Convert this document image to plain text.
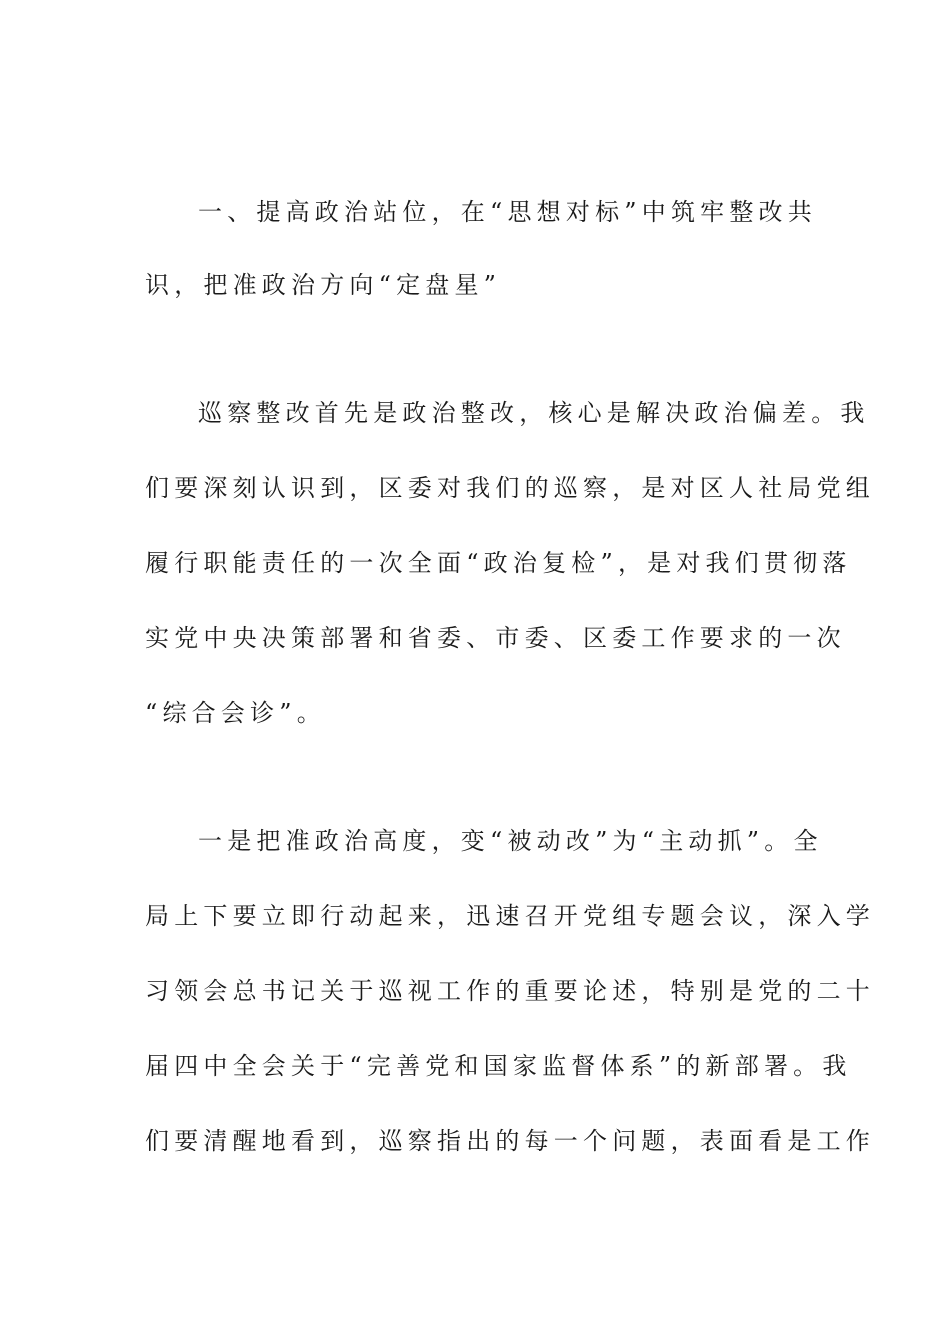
一、提高政治站位，在“思想对标”中筑牢整改共
识，把准政治方向“定盘星”
巡察整改首先是政治整改，核心是解决政治偏差。我
们要深刻认识到，区委对我们的巡察，是对区人社局党组
履行职能责任的一次全面“政治复检”，是对我们贯彻落
实党中央决策部署和省委、市委、区委工作要求的一次
“综合会诊”。
一是把准政治高度，变“被动改”为“主动抓”。全
局上下要立即行动起来，迅速召开党组专题会议，深入学
习领会总书记关于巡视工作的重要论述，特别是党的二十
届四中全会关于“完善党和国家监督体系”的新部署。我
们要清醒地看到，巡察指出的每一个问题，表面看是工作
